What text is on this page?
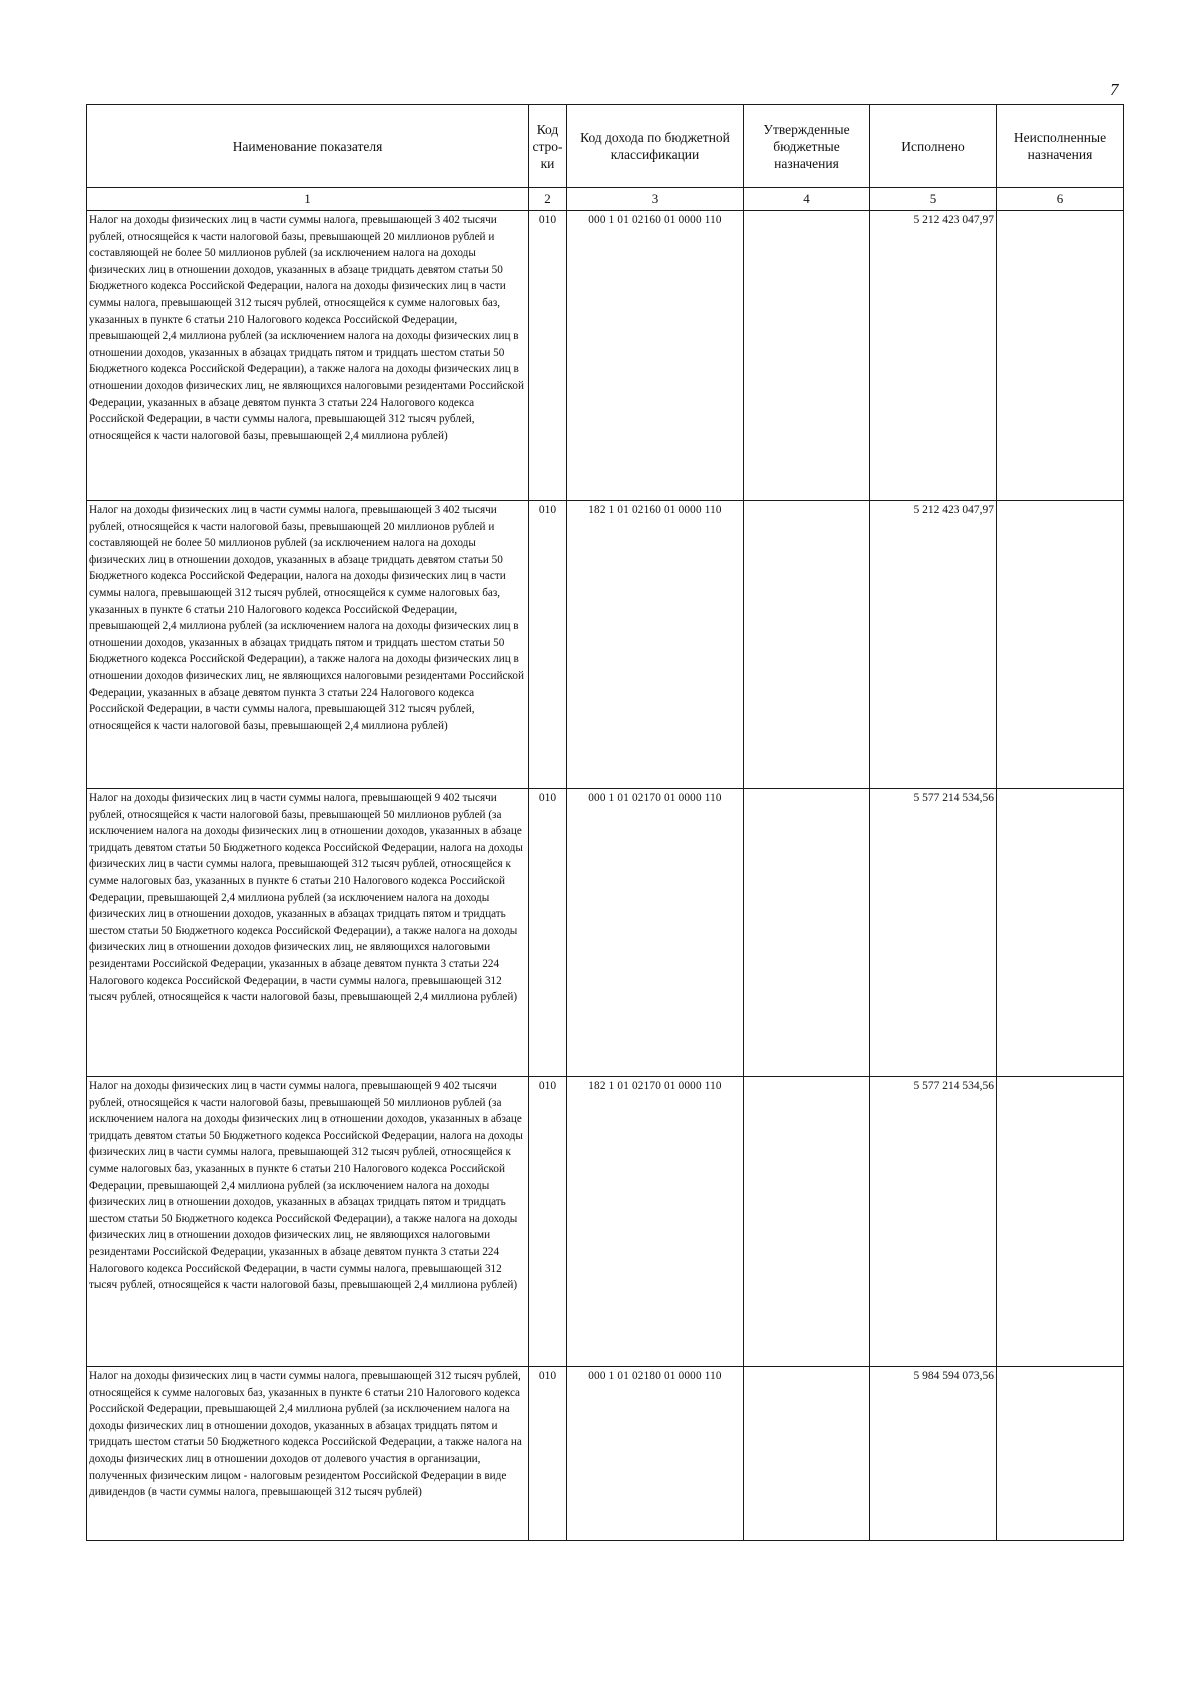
7
Наименование показателя	Код
стро-
ки	Код дохода по бюджетной классификации	Утвержденные бюджетные назначения	Исполнено	Неисполненные назначения
1	2	3	4	5	6
Налог на доходы физических лиц в части суммы налога, превышающей 3 402 тысячи рублей, относящейся к части налоговой базы, превышающей 20 миллионов рублей и составляющей не более 50 миллионов рублей (за исключением налога на доходы физических лиц в отношении доходов, указанных в абзаце тридцать девятом статьи 50 Бюджетного кодекса Российской Федерации, налога на доходы физических лиц в части суммы налога, превышающей 312 тысяч рублей, относящейся к сумме налоговых баз, указанных в пункте 6 статьи 210 Налогового кодекса Российской Федерации, превышающей 2,4 миллиона рублей (за исключением налога на доходы физических лиц в отношении доходов, указанных в абзацах тридцать пятом и тридцать шестом статьи 50 Бюджетного кодекса Российской Федерации), а также налога на доходы физических лиц в отношении доходов физических лиц, не являющихся налоговыми резидентами Российской Федерации, указанных в абзаце девятом пункта 3 статьи 224 Налогового кодекса Российской Федерации, в части суммы налога, превышающей 312 тысяч рублей, относящейся к части налоговой базы, превышающей 2,4 миллиона рублей)	010	000 1 01 02160 01 0000 110		5 212 423 047,97	
Налог на доходы физических лиц в части суммы налога, превышающей 3 402 тысячи рублей, относящейся к части налоговой базы, превышающей 20 миллионов рублей и составляющей не более 50 миллионов рублей (за исключением налога на доходы физических лиц в отношении доходов, указанных в абзаце тридцать девятом статьи 50 Бюджетного кодекса Российской Федерации, налога на доходы физических лиц в части суммы налога, превышающей 312 тысяч рублей, относящейся к сумме налоговых баз, указанных в пункте 6 статьи 210 Налогового кодекса Российской Федерации, превышающей 2,4 миллиона рублей (за исключением налога на доходы физических лиц в отношении доходов, указанных в абзацах тридцать пятом и тридцать шестом статьи 50 Бюджетного кодекса Российской Федерации), а также налога на доходы физических лиц в отношении доходов физических лиц, не являющихся налоговыми резидентами Российской Федерации, указанных в абзаце девятом пункта 3 статьи 224 Налогового кодекса Российской Федерации, в части суммы налога, превышающей 312 тысяч рублей, относящейся к части налоговой базы, превышающей 2,4 миллиона рублей)	010	182 1 01 02160 01 0000 110		5 212 423 047,97	
Налог на доходы физических лиц в части суммы налога, превышающей 9 402 тысячи рублей, относящейся к части налоговой базы, превышающей 50 миллионов рублей (за исключением налога на доходы физических лиц в отношении доходов, указанных в абзаце тридцать девятом статьи 50 Бюджетного кодекса Российской Федерации, налога на доходы физических лиц в части суммы налога, превышающей 312 тысяч рублей, относящейся к сумме налоговых баз, указанных в пункте 6 статьи 210 Налогового кодекса Российской Федерации, превышающей 2,4 миллиона рублей (за исключением налога на доходы физических лиц в отношении доходов, указанных в абзацах тридцать пятом и тридцать шестом статьи 50 Бюджетного кодекса Российской Федерации), а также налога на доходы физических лиц в отношении доходов физических лиц, не являющихся налоговыми резидентами Российской Федерации, указанных в абзаце девятом пункта 3 статьи 224 Налогового кодекса Российской Федерации, в части суммы налога, превышающей 312 тысяч рублей, относящейся к части налоговой базы, превышающей 2,4 миллиона рублей)	010	000 1 01 02170 01 0000 110		5 577 214 534,56	
Налог на доходы физических лиц в части суммы налога, превышающей 9 402 тысячи рублей, относящейся к части налоговой базы, превышающей 50 миллионов рублей (за исключением налога на доходы физических лиц в отношении доходов, указанных в абзаце тридцать девятом статьи 50 Бюджетного кодекса Российской Федерации, налога на доходы физических лиц в части суммы налога, превышающей 312 тысяч рублей, относящейся к сумме налоговых баз, указанных в пункте 6 статьи 210 Налогового кодекса Российской Федерации, превышающей 2,4 миллиона рублей (за исключением налога на доходы физических лиц в отношении доходов, указанных в абзацах тридцать пятом и тридцать шестом статьи 50 Бюджетного кодекса Российской Федерации), а также налога на доходы физических лиц в отношении доходов физических лиц, не являющихся налоговыми резидентами Российской Федерации, указанных в абзаце девятом пункта 3 статьи 224 Налогового кодекса Российской Федерации, в части суммы налога, превышающей 312 тысяч рублей, относящейся к части налоговой базы, превышающей 2,4 миллиона рублей)	010	182 1 01 02170 01 0000 110		5 577 214 534,56	
Налог на доходы физических лиц в части суммы налога, превышающей 312 тысяч рублей, относящейся к сумме налоговых баз, указанных в пункте 6 статьи 210 Налогового кодекса Российской Федерации, превышающей 2,4 миллиона рублей (за исключением налога на доходы физических лиц в отношении доходов, указанных в абзацах тридцать пятом и тридцать шестом статьи 50 Бюджетного кодекса Российской Федерации, а также налога на доходы физических лиц в отношении доходов от долевого участия в организации, полученных физическим лицом - налоговым резидентом Российской Федерации в виде дивидендов (в части суммы налога, превышающей 312 тысяч рублей)	010	000 1 01 02180 01 0000 110		5 984 594 073,56	
